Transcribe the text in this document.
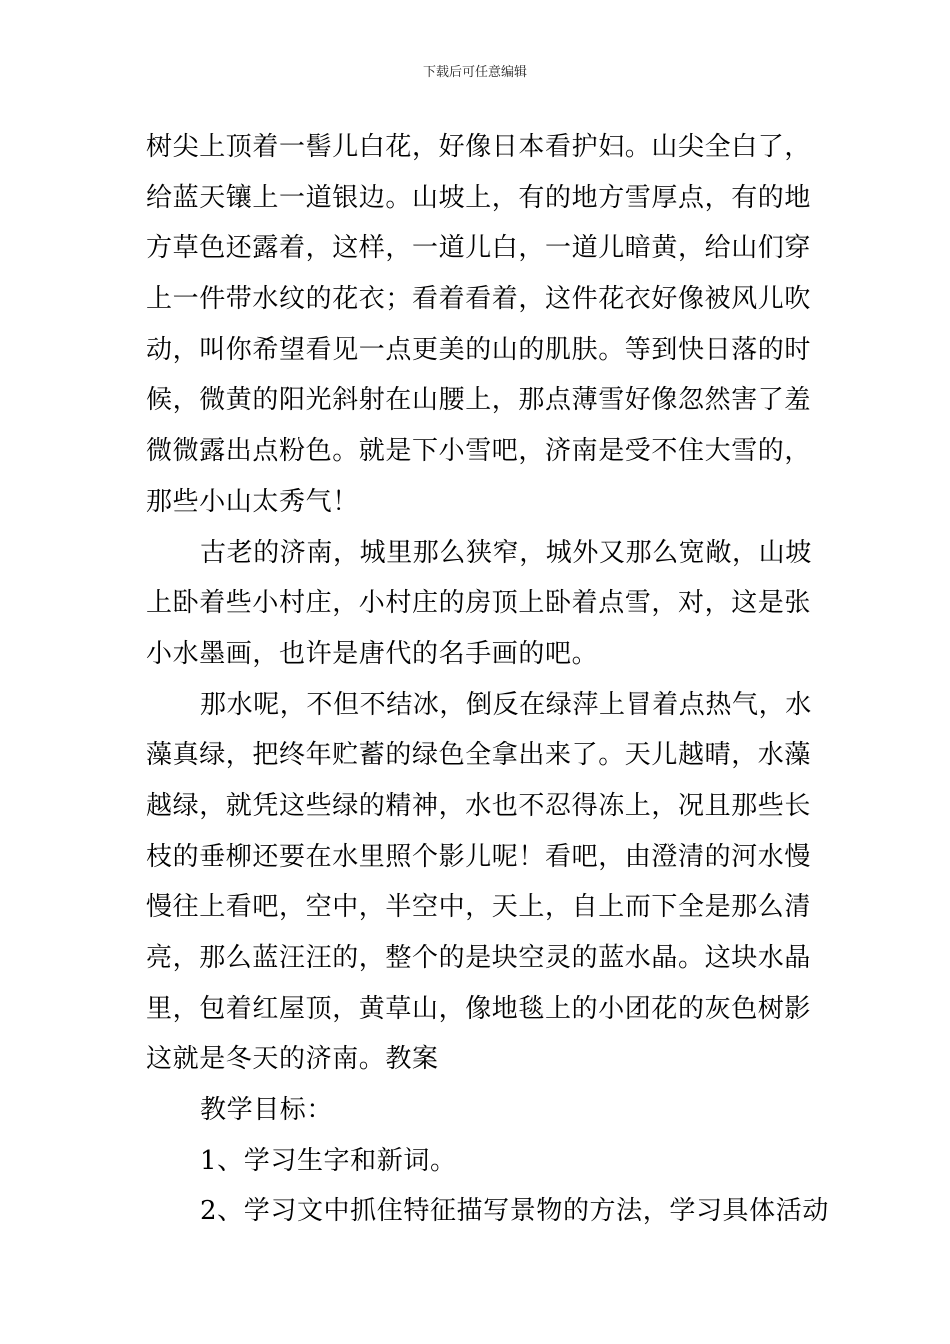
下载后可任意编辑
树尖上顶着一髻儿白花，好像日本看护妇。山尖全白了，
给蓝天镶上一道银边。山坡上，有的地方雪厚点，有的地
方草色还露着，这样，一道儿白，一道儿暗黄，给山们穿
上一件带水纹的花衣；看着看着，这件花衣好像被风儿吹
动，叫你希望看见一点更美的山的肌肤。等到快日落的时
候，微黄的阳光斜射在山腰上，那点薄雪好像忽然害了羞
微微露出点粉色。就是下小雪吧，济南是受不住大雪的，
那些小山太秀气！
古老的济南，城里那么狭窄，城外又那么宽敞，山坡
上卧着些小村庄，小村庄的房顶上卧着点雪，对，这是张
小水墨画，也许是唐代的名手画的吧。
那水呢，不但不结冰，倒反在绿萍上冒着点热气，水
藻真绿，把终年贮蓄的绿色全拿出来了。天儿越晴，水藻
越绿，就凭这些绿的精神，水也不忍得冻上，况且那些长
枝的垂柳还要在水里照个影儿呢！看吧，由澄清的河水慢
慢往上看吧，空中，半空中，天上，自上而下全是那么清
亮，那么蓝汪汪的，整个的是块空灵的蓝水晶。这块水晶
里，包着红屋顶，黄草山，像地毯上的小团花的灰色树影
这就是冬天的济南。教案
教学目标：
1、学习生字和新词。
2、学习文中抓住特征描写景物的方法，学习具体活动
